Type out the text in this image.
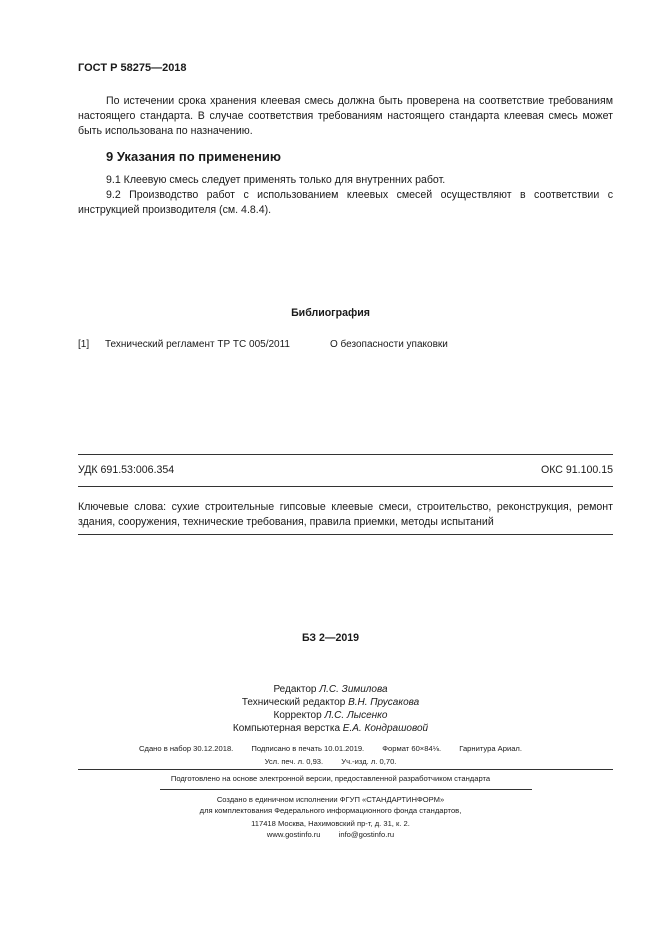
ГОСТ Р 58275—2018
По истечении срока хранения клеевая смесь должна быть проверена на соответствие требованиям настоящего стандарта. В случае соответствия требованиям настоящего стандарта клеевая смесь может быть использована по назначению.
9 Указания по применению
9.1 Клеевую смесь следует применять только для внутренних работ.
9.2 Производство работ с использованием клеевых смесей осуществляют в соответствии с инструкцией производителя (см. 4.8.4).
Библиография
[1] Технический регламент ТР ТС 005/2011	О безопасности упаковки
УДК 691.53:006.354	ОКС 91.100.15
Ключевые слова: сухие строительные гипсовые клеевые смеси, строительство, реконструкция, ремонт здания, сооружения, технические требования, правила приемки, методы испытаний
БЗ 2—2019
Редактор Л.С. Зимилова
Технический редактор В.Н. Прусакова
Корректор Л.С. Лысенко
Компьютерная верстка Е.А. Кондрашовой
Сдано в набор 30.12.2018. Подписано в печать 10.01.2019. Формат 60×84⅛. Гарнитура Ариал.
Усл. печ. л. 0,93. Уч.-изд. л. 0,70.
Подготовлено на основе электронной версии, предоставленной разработчиком стандарта
Создано в единичном исполнении ФГУП «СТАНДАРТИНФОРМ»
для комплектования Федерального информационного фонда стандартов,
117418 Москва, Нахимовский пр-т, д. 31, к. 2.
www.gostinfo.ru info@gostinfo.ru
